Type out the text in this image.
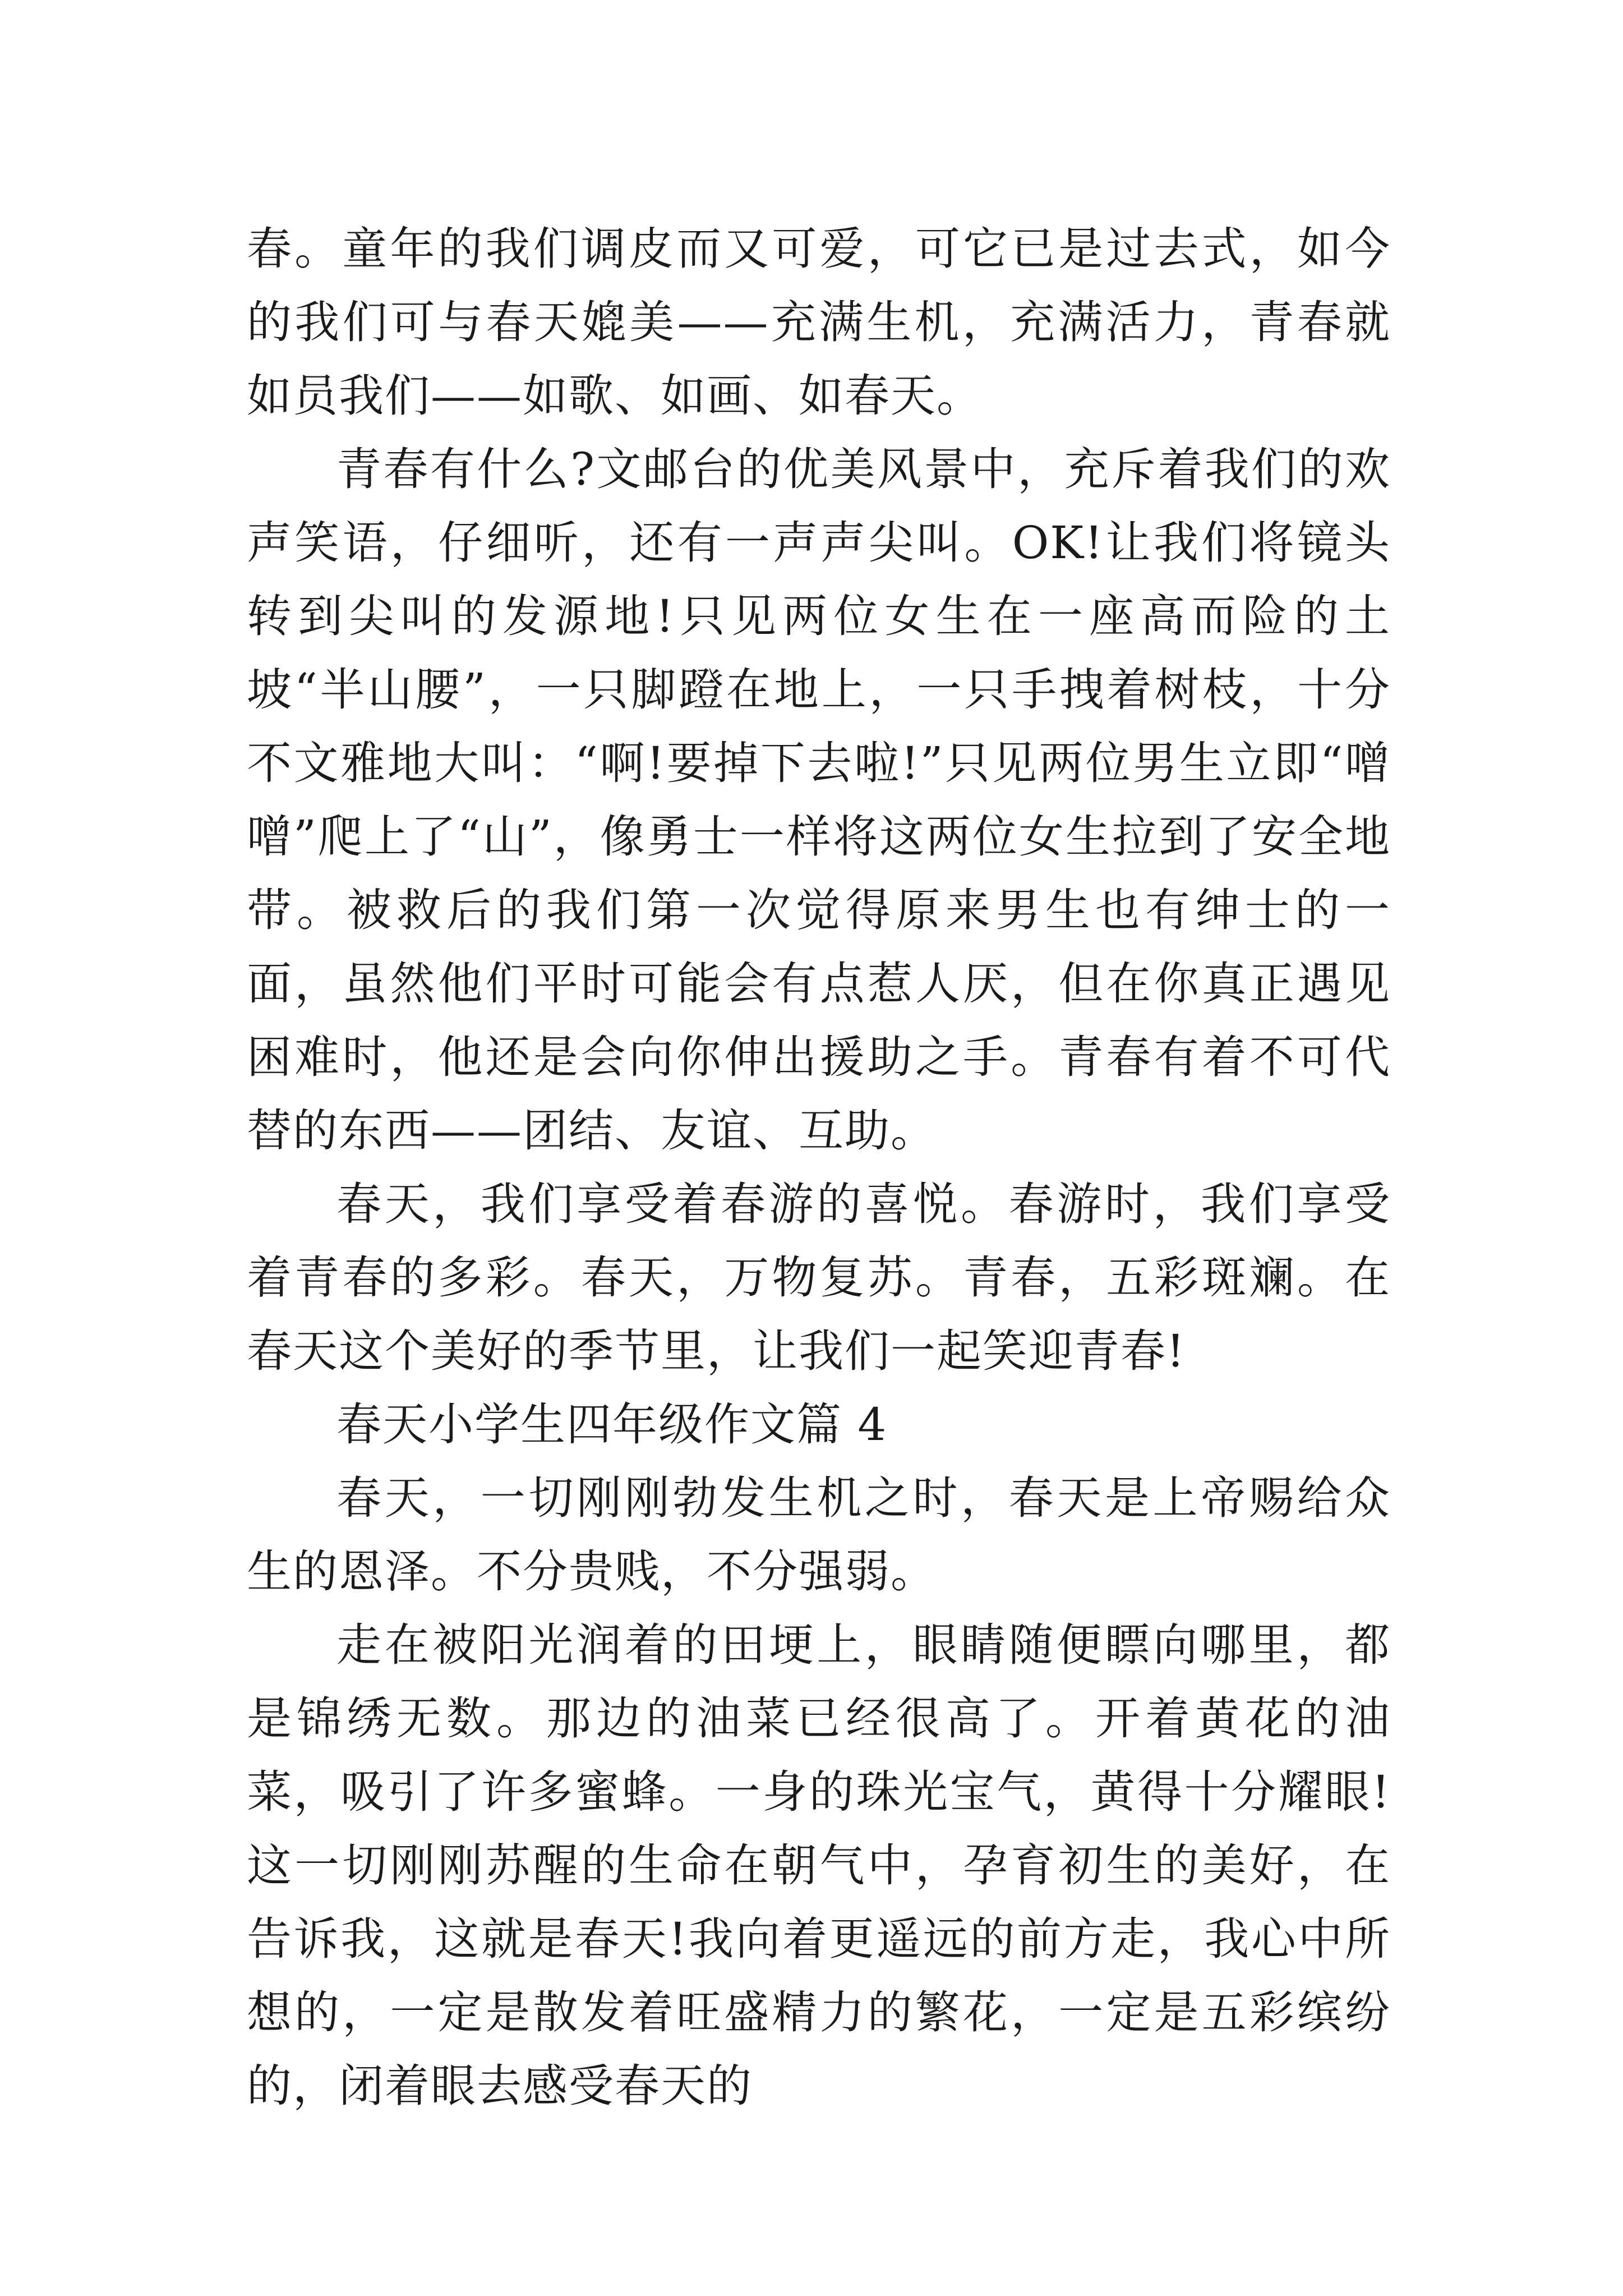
春。童年的我们调皮而又可爱，可它已是过去式，如今的我们可与春天媲美——充满生机，充满活力，青春就如员我们——如歌、如画、如春天。

青春有什么?文邮台的优美风景中，充斥着我们的欢声笑语，仔细听，还有一声声尖叫。OK!让我们将镜头转到尖叫的发源地!只见两位女生在一座高而险的土坡“半山腰”，一只脚蹬在地上，一只手拽着树枝，十分不文雅地大叫：“啊!要掉下去啦!”只见两位男生立即“噌噌”爬上了“山”，像勇士一样将这两位女生拉到了安全地带。被救后的我们第一次觉得原来男生也有绅士的一面，虽然他们平时可能会有点惹人厌，但在你真正遇见困难时，他还是会向你伸出援助之手。青春有着不可代替的东西——团结、友谊、互助。

春天，我们享受着春游的喜悦。春游时，我们享受着青春的多彩。春天，万物复苏。青春，五彩斑斓。在春天这个美好的季节里，让我们一起笑迎青春!

春天小学生四年级作文篇 4

春天，一切刚刚勃发生机之时，春天是上帝赐给众生的恩泽。不分贵贱，不分强弱。

走在被阳光润着的田埂上，眼睛随便瞟向哪里，都是锦绣无数。那边的油菜已经很高了。开着黄花的油菜，吸引了许多蜜蜂。一身的珠光宝气，黄得十分耀眼!这一切刚刚苏醒的生命在朝气中，孕育初生的美好，在告诉我，这就是春天!我向着更遥远的前方走，我心中所想的，一定是散发着旺盛精力的繁花，一定是五彩缤纷的，闭着眼去感受春天的
